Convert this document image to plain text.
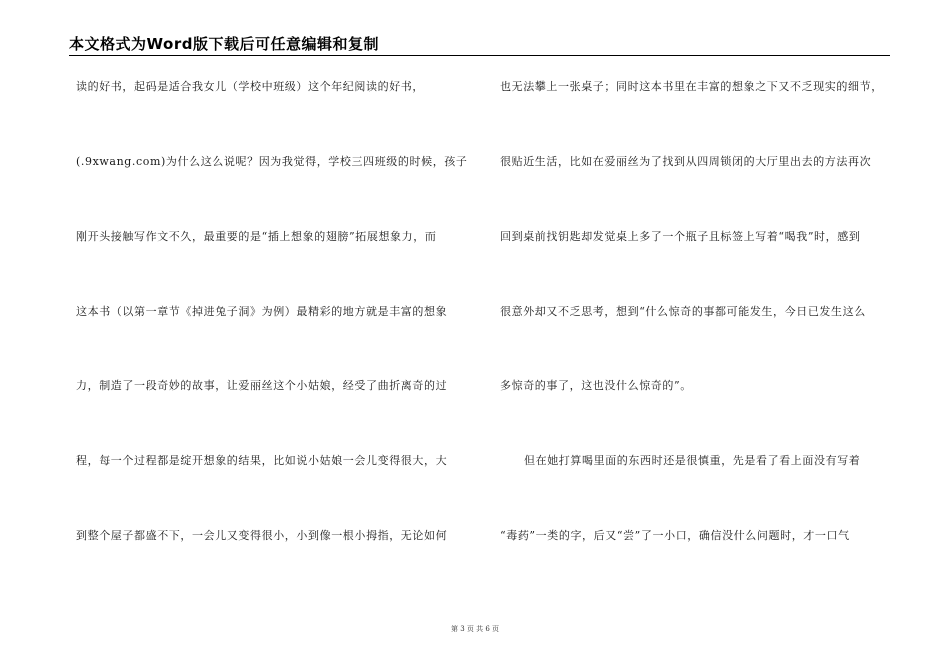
本文格式为Word版下载后可任意编辑和复制
读的好书，起码是适合我女儿（学校中班级）这个年纪阅读的好书，
(.9xwang.com)为什么这么说呢？因为我觉得，学校三四班级的时候，孩子
刚开头接触写作文不久，最重要的是“插上想象的翅膀”拓展想象力，而
这本书（以第一章节《掉进兔子洞》为例）最精彩的地方就是丰富的想象
力，制造了一段奇妙的故事，让爱丽丝这个小姑娘，经受了曲折离奇的过
程，每一个过程都是绽开想象的结果，比如说小姑娘一会儿变得很大，大
到整个屋子都盛不下，一会儿又变得很小，小到像一根小拇指，无论如何
也无法攀上一张桌子；同时这本书里在丰富的想象之下又不乏现实的细节，
很贴近生活，比如在爱丽丝为了找到从四周锁闭的大厅里出去的方法再次
回到桌前找钥匙却发觉桌上多了一个瓶子且标签上写着“喝我”时，感到
很意外却又不乏思考，想到“什么惊奇的事都可能发生，今日已发生这么
多惊奇的事了，这也没什么惊奇的”。
但在她打算喝里面的东西时还是很慎重，先是看了看上面没有写着
“毒药”一类的字，后又“尝”了一小口，确信没什么问题时，才一口气
第 3 页 共 6 页
